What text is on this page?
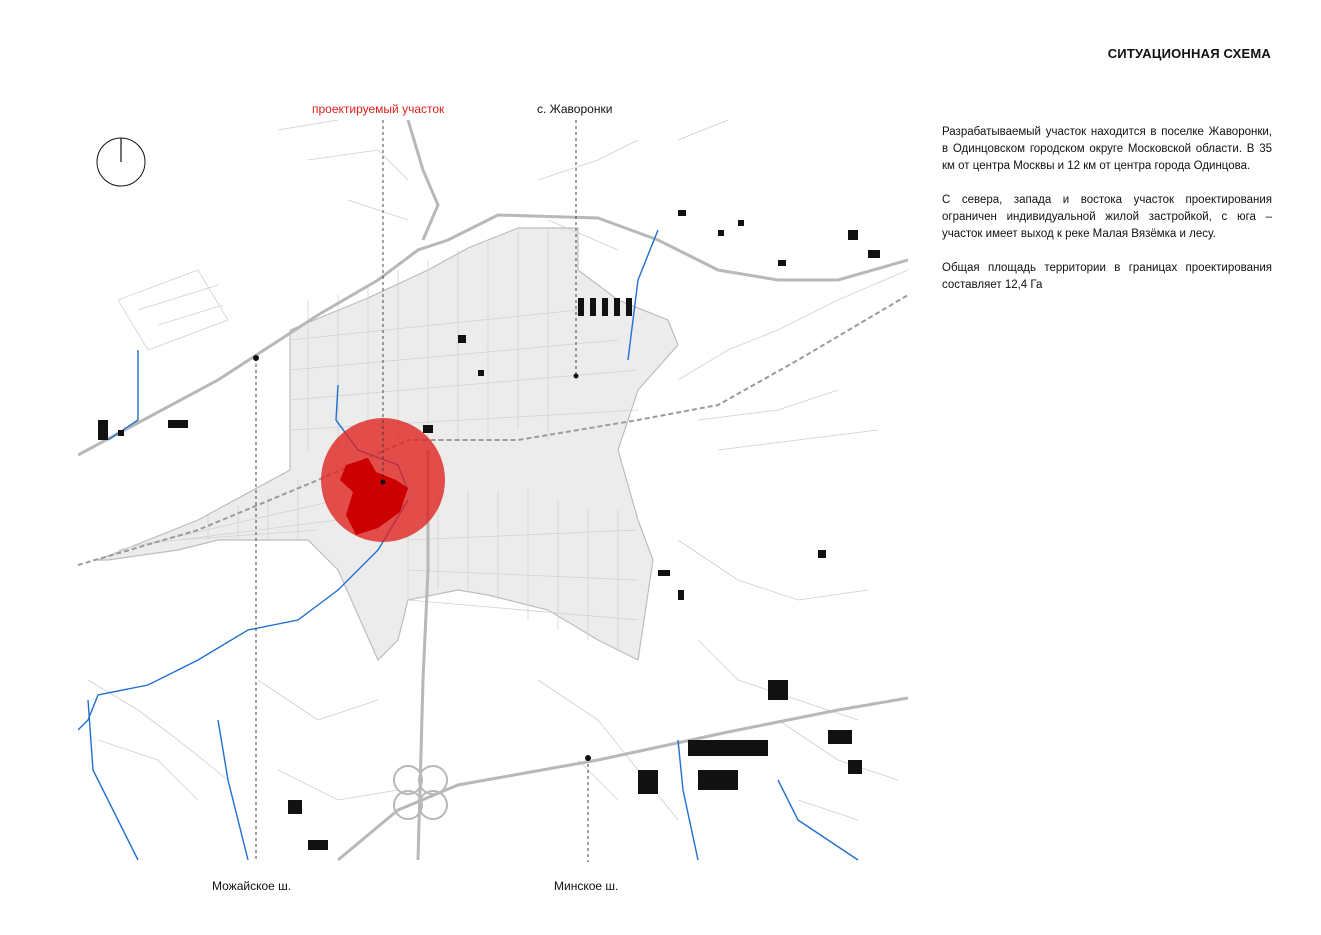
СИТУАЦИОННАЯ СХЕМА

Разрабатываемый участок находится в поселке Жаворонки, в Одинцовском городском округе Московской области. В 35 км от центра Москвы и 12 км от центра города Одинцова.

С севера, запада и востока участок проектирования ограничен индивидуальной жилой застройкой, с юга – участок имеет выход к реке Малая Вязёмка и лесу.

Общая площадь территории в границах проектирования составляет 12,4 Га

проектируемый участок	с. Жаворонки
Можайское ш.	Минское ш.
